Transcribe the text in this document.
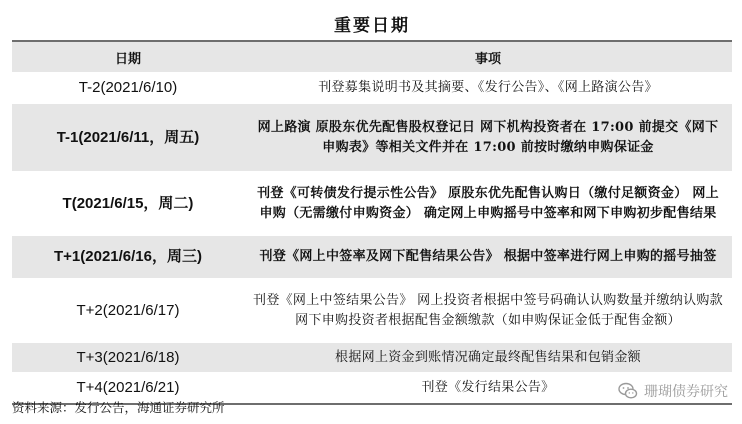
重要日期
日期	事项
T-2(2021/6/10)	刊登募集说明书及其摘要、《发行公告》、《网上路演公告》
T-1(2021/6/11，周五)	网上路演 原股东优先配售股权登记日 网下机构投资者在 17:00 前提交《网下申购表》等相关文件并在 17:00 前按时缴纳申购保证金
T(2021/6/15，周二)	刊登《可转债发行提示性公告》 原股东优先配售认购日（缴付足额资金） 网上申购（无需缴付申购资金） 确定网上申购摇号中签率和网下申购初步配售结果
T+1(2021/6/16，周三)	刊登《网上中签率及网下配售结果公告》 根据中签率进行网上申购的摇号抽签
T+2(2021/6/17)	刊登《网上中签结果公告》 网上投资者根据中签号码确认认购数量并缴纳认购款网下申购投资者根据配售金额缴款（如申购保证金低于配售金额）
T+3(2021/6/18)	根据网上资金到账情况确定最终配售结果和包销金额
T+4(2021/6/21)	刊登《发行结果公告》
资料来源：发行公告，海通证券研究所
珊瑚债券研究
